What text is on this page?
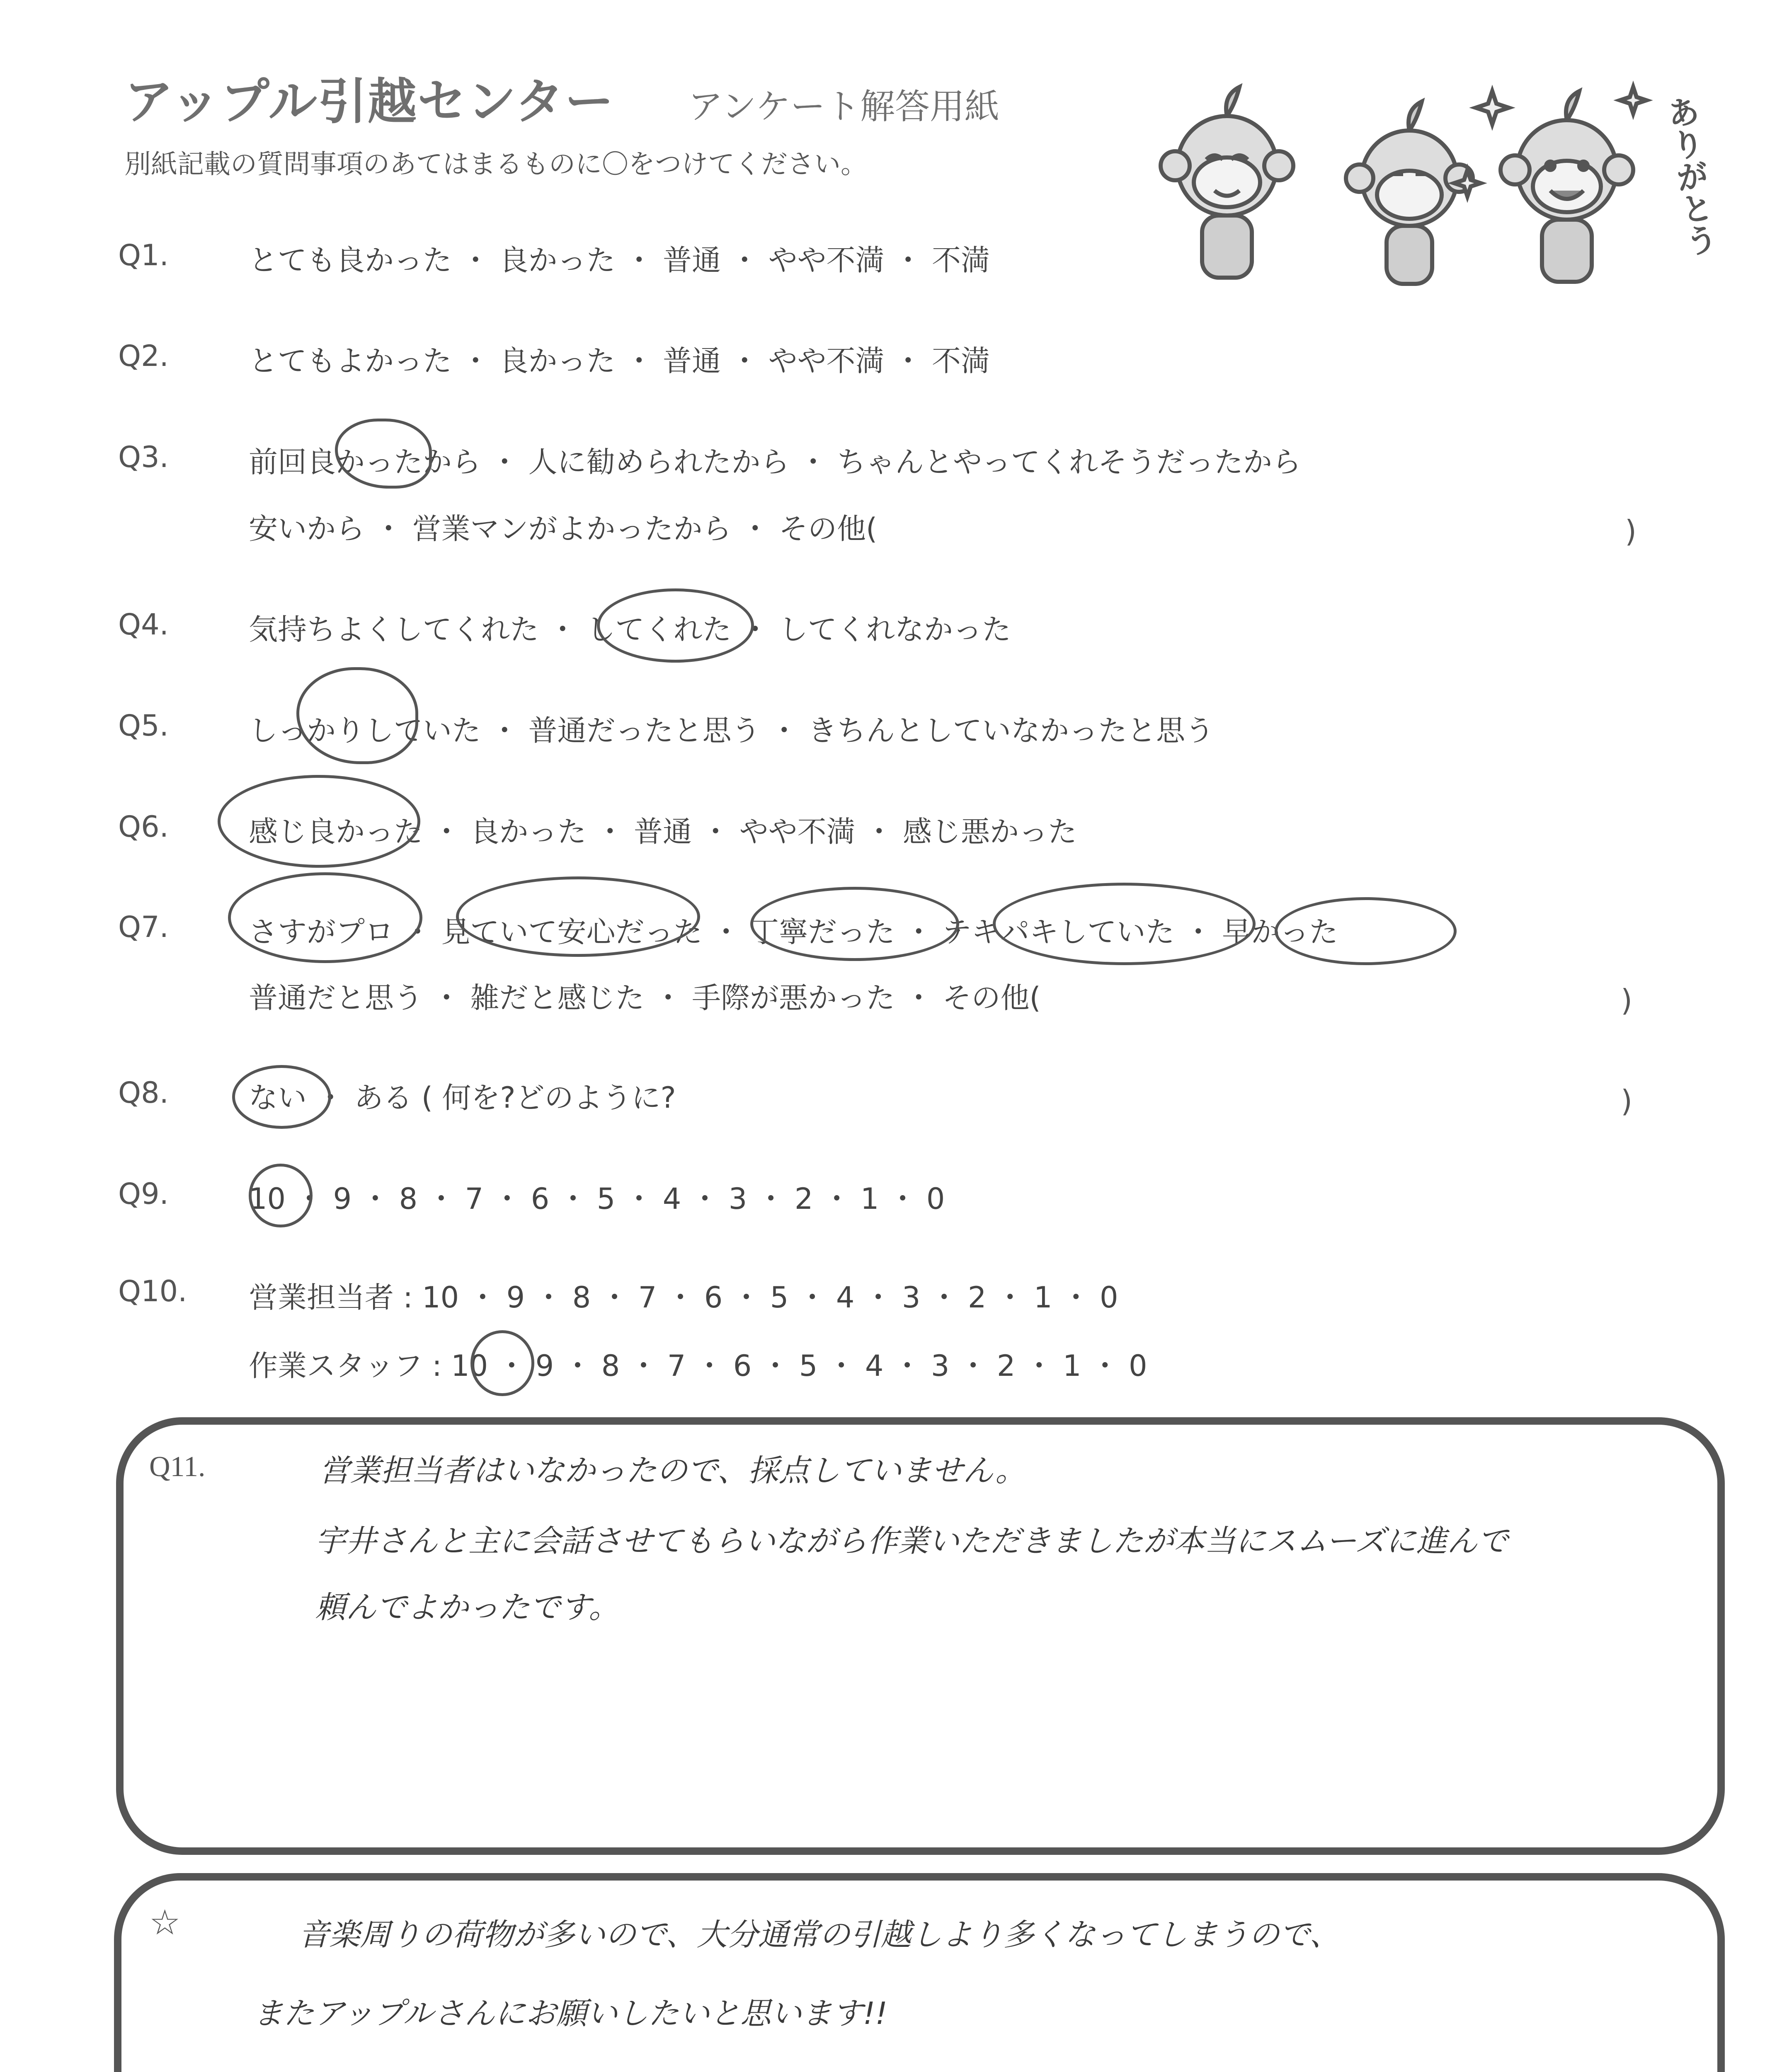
アップル引越センター アンケート解答用紙
別紙記載の質問事項のあてはまるものに〇をつけてください。	ありがとう
Q1.	とても良かった ・ 良かった ・ 普通 ・ やや不満 ・ 不満
Q2.	とてもよかった ・ 良かった ・ 普通 ・ やや不満 ・ 不満
Q3.	前回良かったから ・ 人に勧められたから ・ ちゃんとやってくれそうだったから
安いから ・ 営業マンがよかったから ・ その他(	)
Q4.	気持ちよくしてくれた ・ してくれた ・ してくれなかった
Q5.	しっかりしていた ・ 普通だったと思う ・ きちんとしていなかったと思う
Q6.	感じ良かった ・ 良かった ・ 普通 ・ やや不満 ・ 感じ悪かった
Q7.	さすがプロ ・ 見ていて安心だった ・ 丁寧だった ・ テキパキしていた ・ 早かった
普通だと思う ・ 雑だと感じた ・ 手際が悪かった ・ その他(	)
Q8.	ない ・ ある ( 何を?どのように?	)
Q9.	10 ・ 9 ・ 8 ・ 7 ・ 6 ・ 5 ・ 4 ・ 3 ・ 2 ・ 1 ・ 0
Q10. 営業担当者 : 10 ・ 9 ・ 8 ・ 7 ・ 6 ・ 5 ・ 4 ・ 3 ・ 2 ・ 1 ・ 0
作業スタッフ : 10 ・ 9 ・ 8 ・ 7 ・ 6 ・ 5 ・ 4 ・ 3 ・ 2 ・ 1 ・ 0
Q11.	営業担当者はいなかったので、採点していません。
宇井さんと主に会話させてもらいながら作業いただきましたが本当にスムーズに進んで
頼んでよかったです。
☆	音楽周りの荷物が多いので、大分通常の引越しより多くなってしまうので、
またアップルさんにお願いしたいと思います!!
